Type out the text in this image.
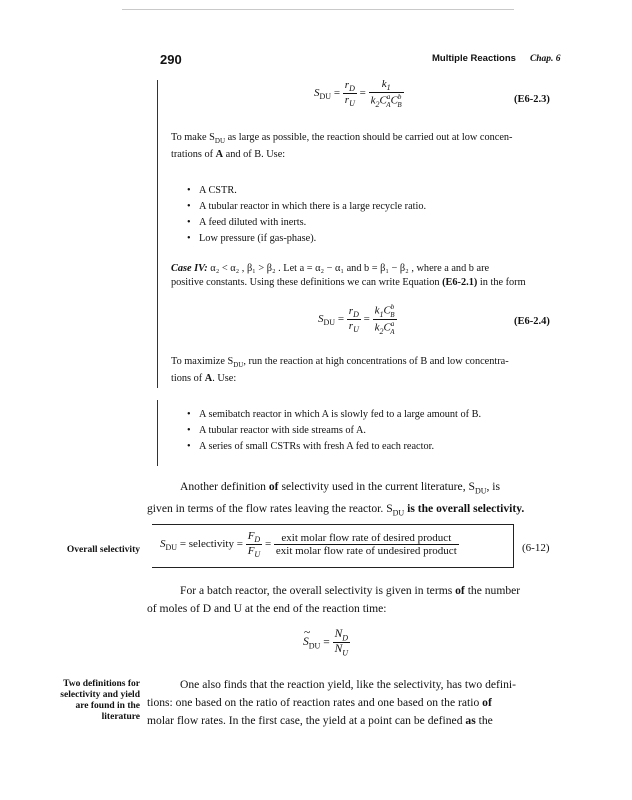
290	Multiple Reactions Chap. 6
$S_{DU} = \frac{r_D}{r_U} = \frac{k_1}{k_2C^a_AC^b_B}$	(E6-2.3)
To make $S_{DU}$ as large as possible, the reaction should be carried out at low concen-
trations of A and of B. Use:
• A CSTR.
• A tubular reactor in which there is a large recycle ratio.
• A feed diluted with inerts.
• Low pressure (if gas-phase).
Case IV: α₂ < α₂ , β₁ > β₂ . Let a = α₂ − α₁ and b = β₁ − β₂ , where a and b are
positive constants. Using these definitions we can write Equation (E6-2.1) in the form
$S_{DU} = \frac{r_D}{r_U} = \frac{k_1C^b_B}{k_2C^a_A}$	(E6-2.4)
To maximize $S_{DU}$, run the reaction at high concentrations of B and low concentra-
tions of A. Use:
• A semibatch reactor in which A is slowly fed to a large amount of B.
• A tubular reactor with side streams of A.
• A series of small CSTRs with fresh A fed to each reactor.
Another definition of selectivity used in the current literature, $S_{DU}$, is
given in terms of the flow rates leaving the reactor. $S_{DU}$ is the overall selectivity.
Overall selectivity $S_{DU}$ = selectivity = $\frac{F_D}{F_U} = \frac{\text{exit molar flow rate of desired product}}{\text{exit molar flow rate of undesired product}}$	(6-12)
For a batch reactor, the overall selectivity is given in terms of the number
of moles of D and U at the end of the reaction time:
S
~
$_{DU} = \frac{N_D}{N_U}$
Two definitions for
selectivity and yield
are found in the
literature
One also finds that the reaction yield, like the selectivity, has two defini-
tions: one based on the ratio of reaction rates and one based on the ratio of
molar flow rates. In the first case, the yield at a point can be defined as the
